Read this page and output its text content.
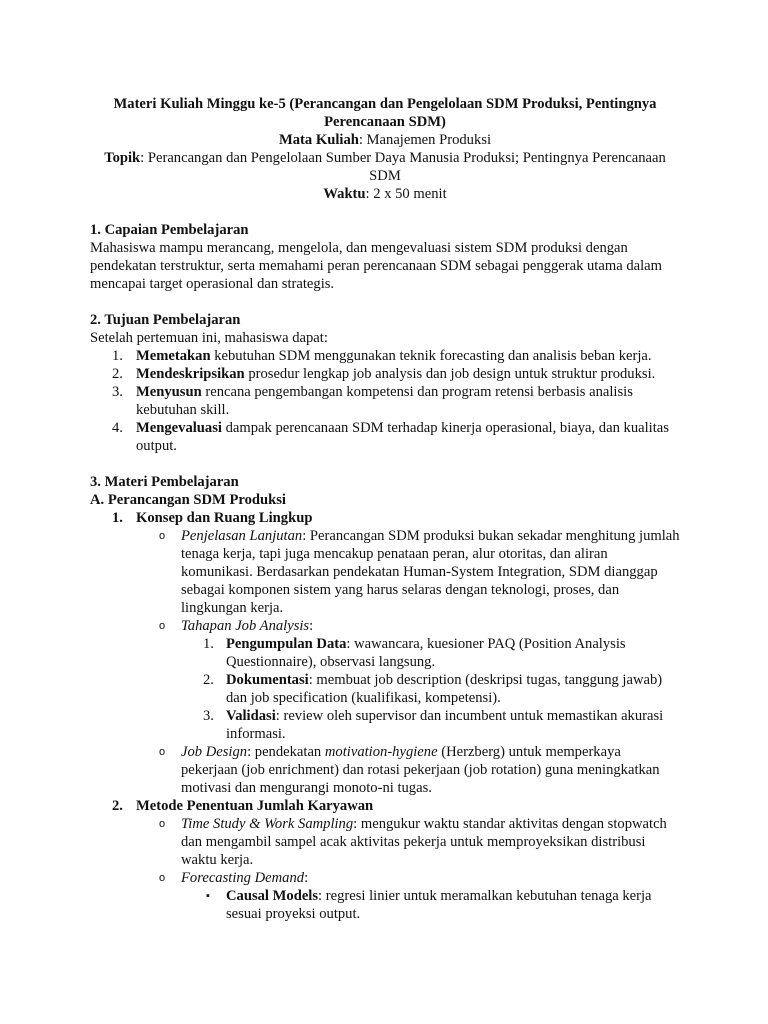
Materi Kuliah Minggu ke-5 (Perancangan dan Pengelolaan SDM Produksi, Pentingnya Perencanaan SDM)

Mata Kuliah: Manajemen Produksi

Topik: Perancangan dan Pengelolaan Sumber Daya Manusia Produksi; Pentingnya Perencanaan SDM

Waktu: 2 x 50 menit

1. Capaian Pembelajaran

Mahasiswa mampu merancang, mengelola, dan mengevaluasi sistem SDM produksi dengan pendekatan terstruktur, serta memahami peran perencanaan SDM sebagai penggerak utama dalam mencapai target operasional dan strategis.

2. Tujuan Pembelajaran

Setelah pertemuan ini, mahasiswa dapat:

1. Memetakan kebutuhan SDM menggunakan teknik forecasting dan analisis beban kerja.
2. Mendeskripsikan prosedur lengkap job analysis dan job design untuk struktur produksi.
3. Menyusun rencana pengembangan kompetensi dan program retensi berbasis analisis kebutuhan skill.
4. Mengevaluasi dampak perencanaan SDM terhadap kinerja operasional, biaya, dan kualitas output.

3. Materi Pembelajaran

A. Perancangan SDM Produksi

1. Konsep dan Ruang Lingkup
o Penjelasan Lanjutan: Perancangan SDM produksi bukan sekadar menghitung jumlah tenaga kerja, tapi juga mencakup penataan peran, alur otoritas, dan aliran komunikasi. Berdasarkan pendekatan Human-System Integration, SDM dianggap sebagai komponen sistem yang harus selaras dengan teknologi, proses, dan lingkungan kerja.
o Tahapan Job Analysis:
1. Pengumpulan Data: wawancara, kuesioner PAQ (Position Analysis Questionnaire), observasi langsung.
2. Dokumentasi: membuat job description (deskripsi tugas, tanggung jawab) dan job specification (kualifikasi, kompetensi).
3. Validasi: review oleh supervisor dan incumbent untuk memastikan akurasi informasi.
o Job Design: pendekatan motivation-hygiene (Herzberg) untuk memperkaya pekerjaan (job enrichment) dan rotasi pekerjaan (job rotation) guna meningkatkan motivasi dan mengurangi monoto-ni tugas.
2. Metode Penentuan Jumlah Karyawan
o Time Study & Work Sampling: mengukur waktu standar aktivitas dengan stopwatch dan mengambil sampel acak aktivitas pekerja untuk memproyeksikan distribusi waktu kerja.
o Forecasting Demand:
▪ Causal Models: regresi linier untuk meramalkan kebutuhan tenaga kerja sesuai proyeksi output.
